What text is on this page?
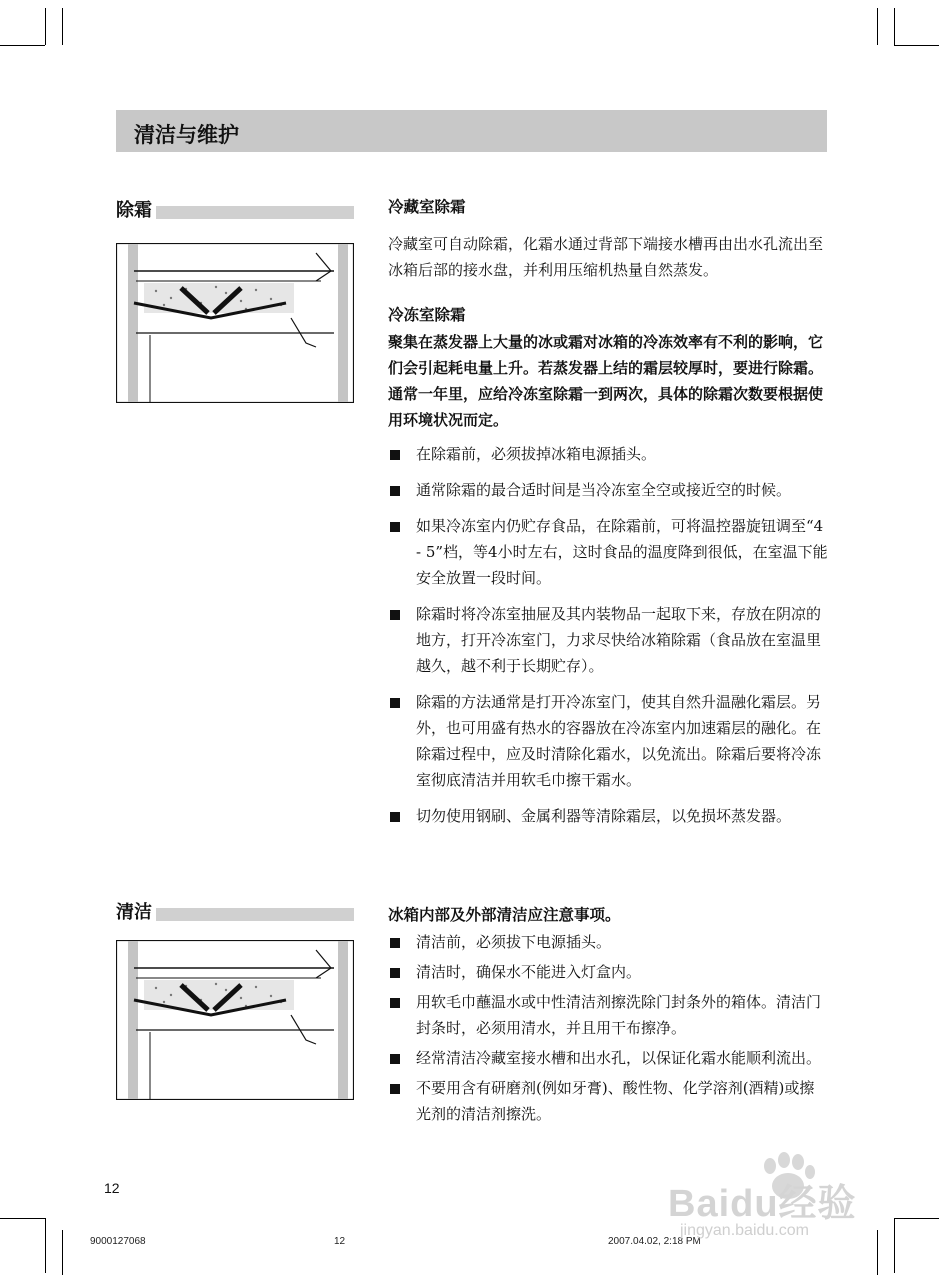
清洁与维护
除霜	冷藏室除霜

冷藏室可自动除霜，化霜水通过背部下端接水槽再由出水孔流出至冰箱后部的接水盘，并利用压缩机热量自然蒸发。

冷冻室除霜

聚集在蒸发器上大量的冰或霜对冰箱的冷冻效率有不利的影响，它们会引起耗电量上升。若蒸发器上结的霜层较厚时，要进行除霜。通常一年里，应给冷冻室除霜一到两次，具体的除霜次数要根据使用环境状况而定。

在除霜前，必须拔掉冰箱电源插头。
通常除霜的最合适时间是当冷冻室全空或接近空的时候。
如果冷冻室内仍贮存食品，在除霜前，可将温控器旋钮调至“4 - 5”档，等4小时左右，这时食品的温度降到很低，在室温下能安全放置一段时间。
除霜时将冷冻室抽屉及其内装物品一起取下来，存放在阴凉的地方，打开冷冻室门，力求尽快给冰箱除霜（食品放在室温里越久，越不利于长期贮存）。
除霜的方法通常是打开冷冻室门，使其自然升温融化霜层。另外，也可用盛有热水的容器放在冷冻室内加速霜层的融化。在除霜过程中，应及时清除化霜水，以免流出。除霜后要将冷冻室彻底清洁并用软毛巾擦干霜水。
切勿使用钢刷、金属利器等清除霜层，以免损坏蒸发器。
清洁	冰箱内部及外部清洁应注意事项。
清洁前，必须拔下电源插头。
清洁时，确保水不能进入灯盒内。
用软毛巾蘸温水或中性清洁剂擦洗除门封条外的箱体。清洁门封条时，必须用清水，并且用干布擦净。
经常清洁冷藏室接水槽和出水孔，以保证化霜水能顺利流出。
不要用含有研磨剂(例如牙膏)、酸性物、化学溶剂(酒精)或擦光剂的清洁剂擦洗。
12
9000127068	12	2007.04.02, 2:18 PM
Baidu经验
jingyan.baidu.com
